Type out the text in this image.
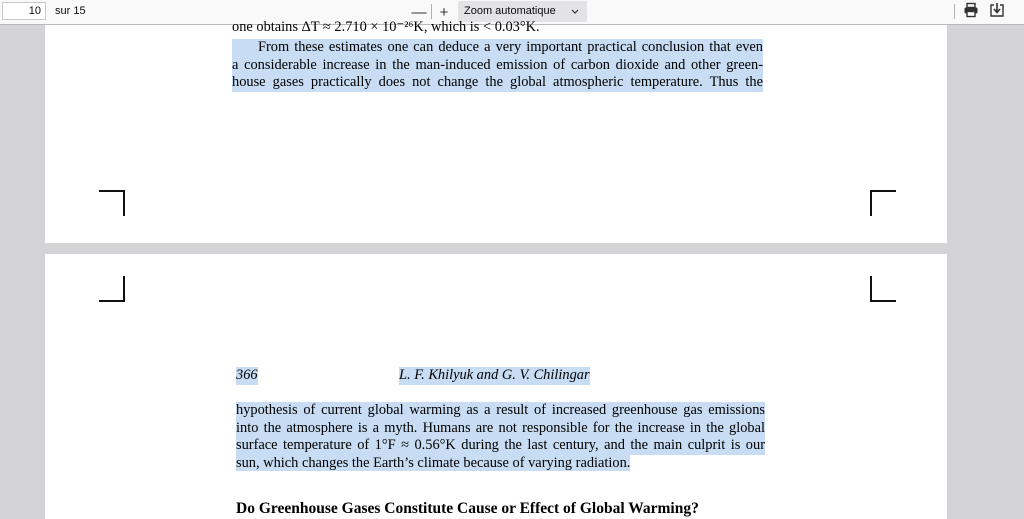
10	sur 15	— +	Zoom automatique
one obtains ΔT ≈ 2.710 × 10⁻²⁶K, which is < 0.03°K.
From these estimates one can deduce a very important practical conclusion that even
a considerable increase in the man-induced emission of carbon dioxide and other green-
house gases practically does not change the global atmospheric temperature. Thus the
366	L. F. Khilyuk and G. V. Chilingar
hypothesis of current global warming as a result of increased greenhouse gas emissions
into the atmosphere is a myth. Humans are not responsible for the increase in the global
surface temperature of 1°F ≈ 0.56°K during the last century, and the main culprit is our
sun, which changes the Earth’s climate because of varying radiation.
Do Greenhouse Gases Constitute Cause or Effect of Global Warming?
